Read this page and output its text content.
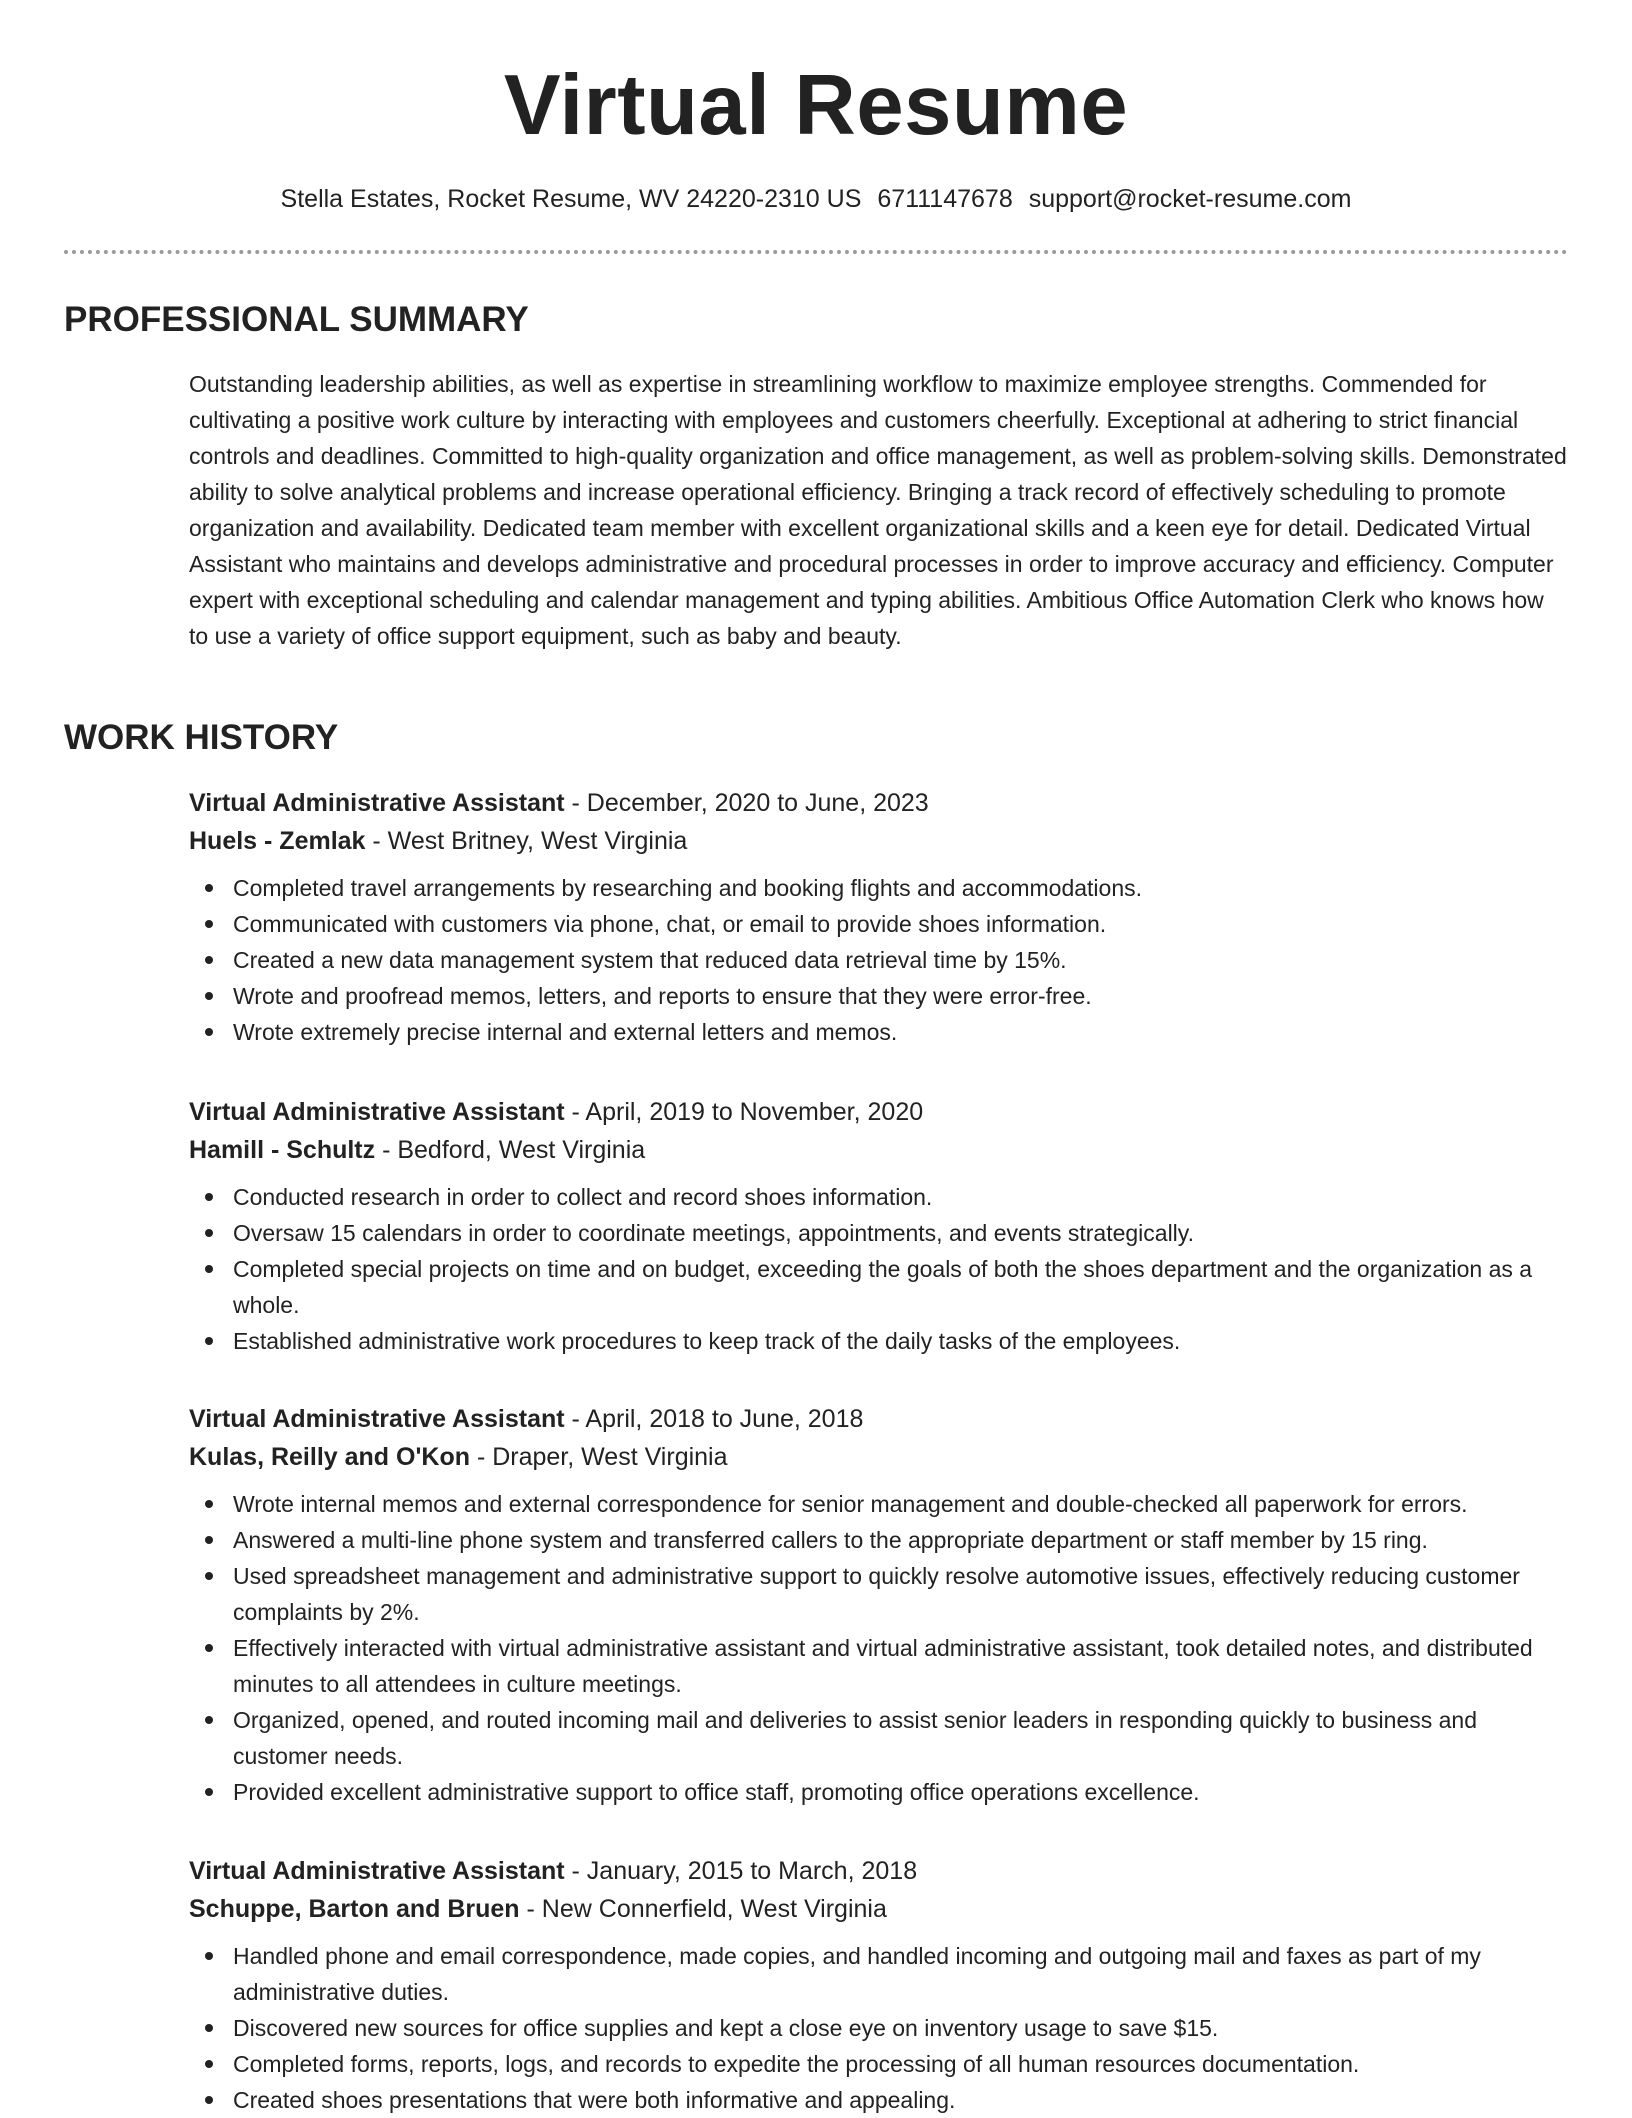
Virtual Resume
Stella Estates, Rocket Resume, WV 24220-2310 US 6711147678 support@rocket-resume.com
PROFESSIONAL SUMMARY

Outstanding leadership abilities, as well as expertise in streamlining workflow to maximize employee strengths. Commended for cultivating a positive work culture by interacting with employees and customers cheerfully. Exceptional at adhering to strict financial controls and deadlines. Committed to high-quality organization and office management, as well as problem-solving skills. Demonstrated ability to solve analytical problems and increase operational efficiency. Bringing a track record of effectively scheduling to promote organization and availability. Dedicated team member with excellent organizational skills and a keen eye for detail. Dedicated Virtual Assistant who maintains and develops administrative and procedural processes in order to improve accuracy and efficiency. Computer expert with exceptional scheduling and calendar management and typing abilities. Ambitious Office Automation Clerk who knows how to use a variety of office support equipment, such as baby and beauty.

WORK HISTORY

Virtual Administrative Assistant - December, 2020 to June, 2023

Huels - Zemlak - West Britney, West Virginia

Completed travel arrangements by researching and booking flights and accommodations.
Communicated with customers via phone, chat, or email to provide shoes information.
Created a new data management system that reduced data retrieval time by 15%.
Wrote and proofread memos, letters, and reports to ensure that they were error-free.
Wrote extremely precise internal and external letters and memos.

Virtual Administrative Assistant - April, 2019 to November, 2020

Hamill - Schultz - Bedford, West Virginia

Conducted research in order to collect and record shoes information.
Oversaw 15 calendars in order to coordinate meetings, appointments, and events strategically.
Completed special projects on time and on budget, exceeding the goals of both the shoes department and the organization as a whole.
Established administrative work procedures to keep track of the daily tasks of the employees.

Virtual Administrative Assistant - April, 2018 to June, 2018

Kulas, Reilly and O'Kon - Draper, West Virginia

Wrote internal memos and external correspondence for senior management and double-checked all paperwork for errors.
Answered a multi-line phone system and transferred callers to the appropriate department or staff member by 15 ring.
Used spreadsheet management and administrative support to quickly resolve automotive issues, effectively reducing customer complaints by 2%.
Effectively interacted with virtual administrative assistant and virtual administrative assistant, took detailed notes, and distributed minutes to all attendees in culture meetings.
Organized, opened, and routed incoming mail and deliveries to assist senior leaders in responding quickly to business and customer needs.
Provided excellent administrative support to office staff, promoting office operations excellence.

Virtual Administrative Assistant - January, 2015 to March, 2018

Schuppe, Barton and Bruen - New Connerfield, West Virginia

Handled phone and email correspondence, made copies, and handled incoming and outgoing mail and faxes as part of my administrative duties.
Discovered new sources for office supplies and kept a close eye on inventory usage to save $15.
Completed forms, reports, logs, and records to expedite the processing of all human resources documentation.
Created shoes presentations that were both informative and appealing.
